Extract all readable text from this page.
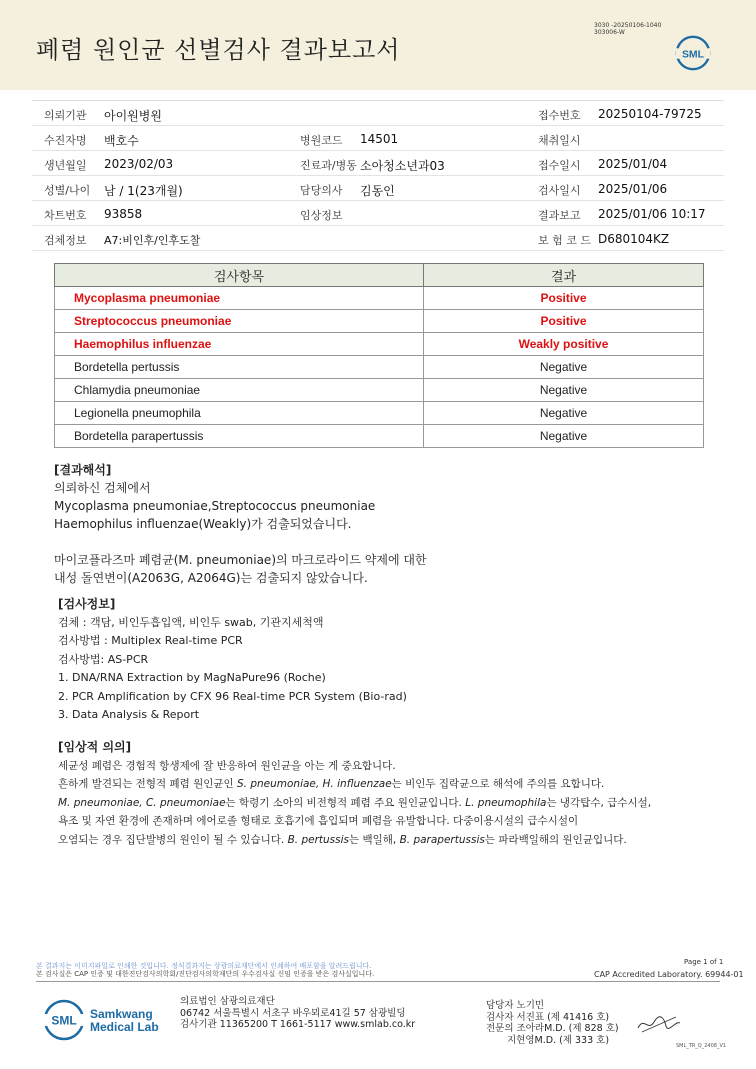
폐렴 원인균 선별검사 결과보고서
3030 -20250106-1040
303006-W
SML
의뢰기관 아이원병원	접수번호 20250104-79725
수진자명 백호수	병원코드 14501	채취일시
생년월일 2023/02/03	진료과/병동 소아청소년과03	접수일시 2025/01/04
성별/나이 남 / 1(23개월)	담당의사 김동인	검사일시 2025/01/06
차트번호 93858	임상정보	결과보고 2025/01/06 10:17
검체정보 A7:비인후/인후도찰	보 험 코 드 D680104KZ
검사항목	결과
Mycoplasma pneumoniae	Positive
Streptococcus pneumoniae	Positive
Haemophilus influenzae	Weakly positive
Bordetella pertussis	Negative
Chlamydia pneumoniae	Negative
Legionella pneumophila	Negative
Bordetella parapertussis	Negative
[결과해석]
의뢰하신 검체에서
Mycoplasma pneumoniae,Streptococcus pneumoniae
Haemophilus influenzae(Weakly)가 검출되었습니다.
마이코플라즈마 폐렴균(M. pneumoniae)의 마크로라이드 약제에 대한
내성 돌연변이(A2063G, A2064G)는 검출되지 않았습니다.
[검사정보]
검체 : 객담, 비인두흡입액, 비인두 swab, 기관지세척액
검사방법 : Multiplex Real-time PCR
검사방법: AS-PCR
1. DNA/RNA Extraction by MagNaPure96 (Roche)
2. PCR Amplification by CFX 96 Real-time PCR System (Bio-rad)
3. Data Analysis & Report
[임상적 의의]
세균성 폐렴은 경험적 항생제에 잘 반응하여 원인균을 아는 게 중요합니다.
흔하게 발견되는 전형적 폐렴 원인균인 S. pneumoniae, H. influenzae는 비인두 집락균으로 해석에 주의를 요합니다.
M. pneumoniae, C. pneumoniae는 학령기 소아의 비전형적 폐렴 주요 원인균입니다. L. pneumophila는 냉각탑수, 급수시설,
욕조 및 자연 환경에 존재하며 에어로졸 형태로 호흡기에 흡입되며 폐렴을 유발합니다. 다중이용시설의 급수시설이
오염되는 경우 집단발병의 원인이 될 수 있습니다. B. pertussis는 백일해, B. parapertussis는 파라백일해의 원인균입니다.
본 결과지는 이미지파일로 인쇄한 것입니다. 정식결과지는 상광의료재단에서 인쇄하여 배포함을 알려드립니다.
본 검사실은 CAP 인증 및 대한진단검사의학회/진단검사의학재단의 우수검사실 신임 인증을 받은 검사실입니다.
Page 1 of 1
CAP Accredited Laboratory. 69944-01
SML Samkwang
Medical Lab
의료법인 삼광의료재단
06742 서울특별시 서초구 바우뫼로41길 57 삼광빌딩
검사기관 11365200 T 1661-5117 www.smlab.co.kr
담당자 노기민
검사자 서진표 (제 41416 호)
전문의 조아라M.D. (제 828 호)
지현영M.D. (제 333 호)
SML_TR_Q_2408_V1
